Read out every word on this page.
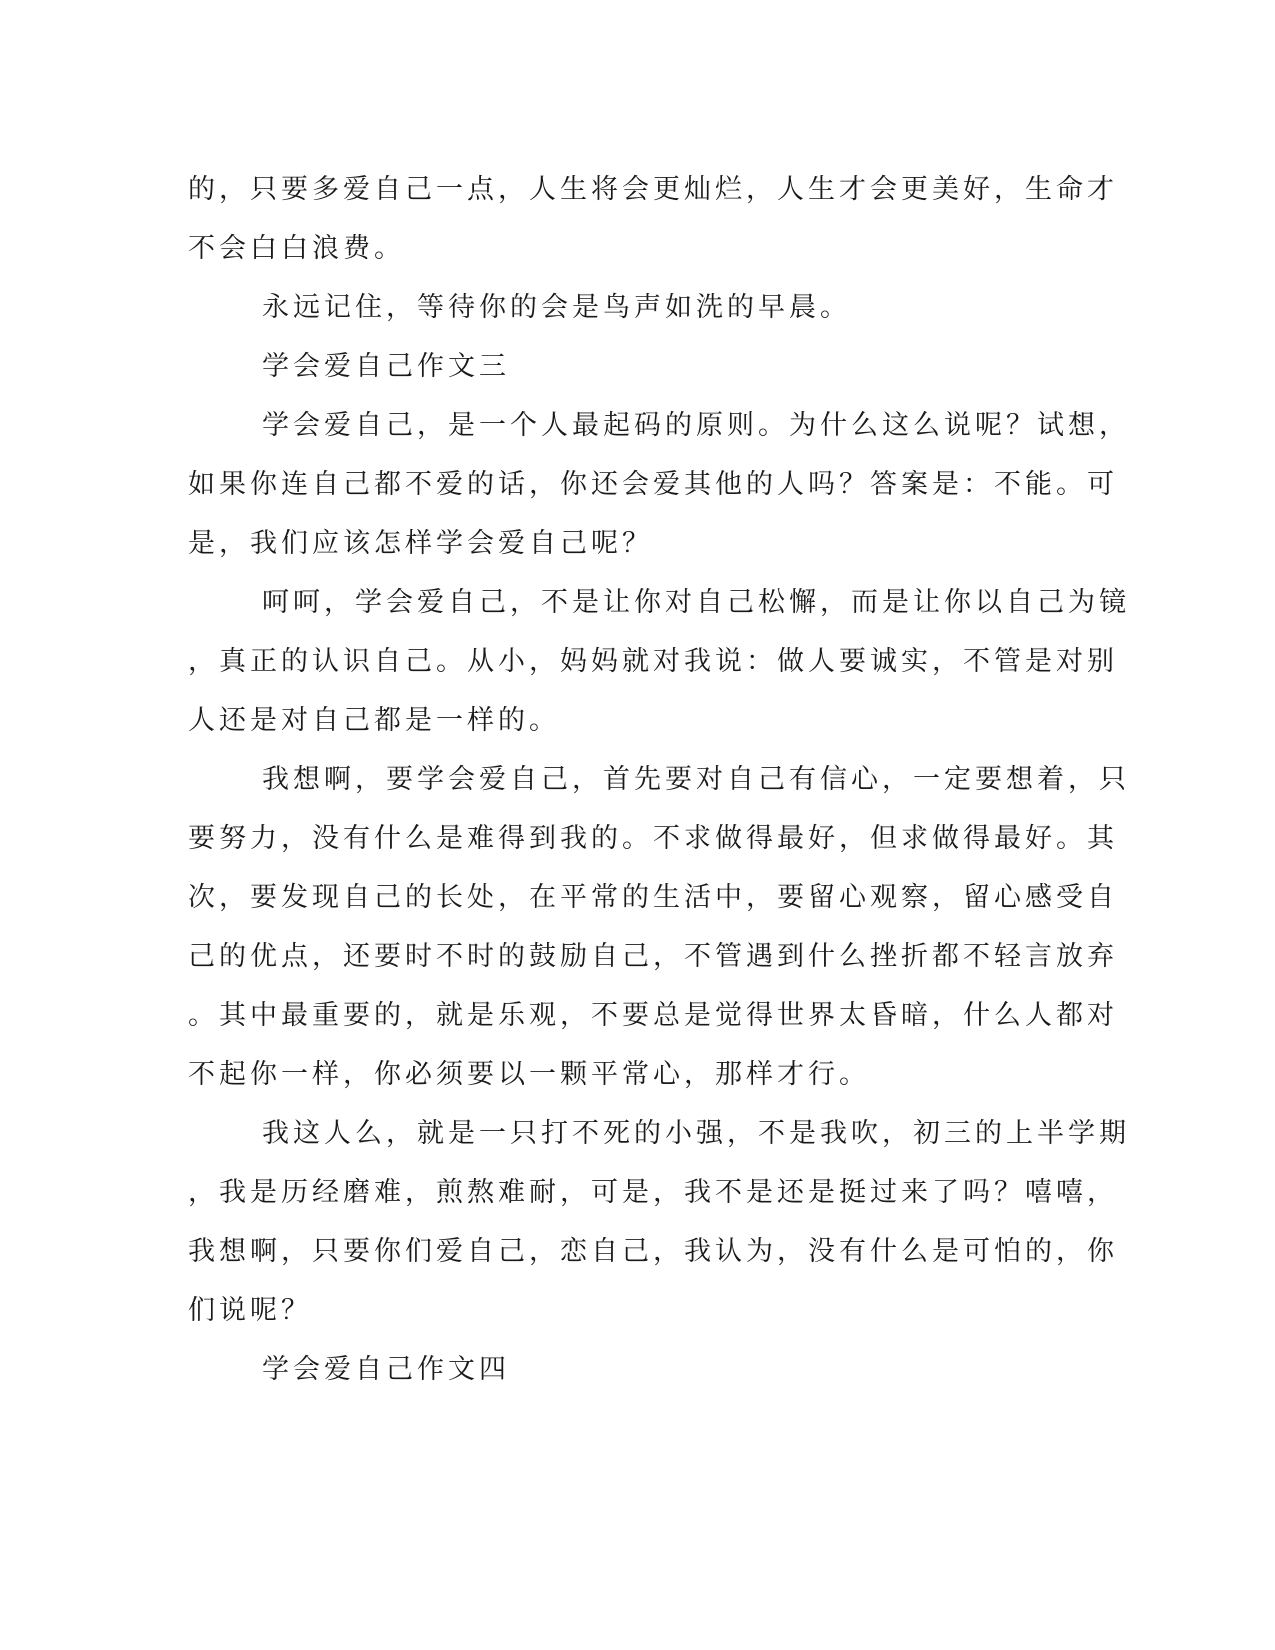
的，只要多爱自己一点，人生将会更灿烂，人生才会更美好，生命才
不会白白浪费。

永远记住，等待你的会是鸟声如洗的早晨。

学会爱自己作文三

学会爱自己，是一个人最起码的原则。为什么这么说呢？试想，
如果你连自己都不爱的话，你还会爱其他的人吗？答案是：不能。可
是，我们应该怎样学会爱自己呢？

呵呵，学会爱自己，不是让你对自己松懈，而是让你以自己为镜
，真正的认识自己。从小，妈妈就对我说：做人要诚实，不管是对别
人还是对自己都是一样的。

我想啊，要学会爱自己，首先要对自己有信心，一定要想着，只
要努力，没有什么是难得到我的。不求做得最好，但求做得最好。其
次，要发现自己的长处，在平常的生活中，要留心观察，留心感受自
己的优点，还要时不时的鼓励自己，不管遇到什么挫折都不轻言放弃
。其中最重要的，就是乐观，不要总是觉得世界太昏暗，什么人都对
不起你一样，你必须要以一颗平常心，那样才行。

我这人么，就是一只打不死的小强，不是我吹，初三的上半学期
，我是历经磨难，煎熬难耐，可是，我不是还是挺过来了吗？嘻嘻，
我想啊，只要你们爱自己，恋自己，我认为，没有什么是可怕的，你
们说呢？

学会爱自己作文四
